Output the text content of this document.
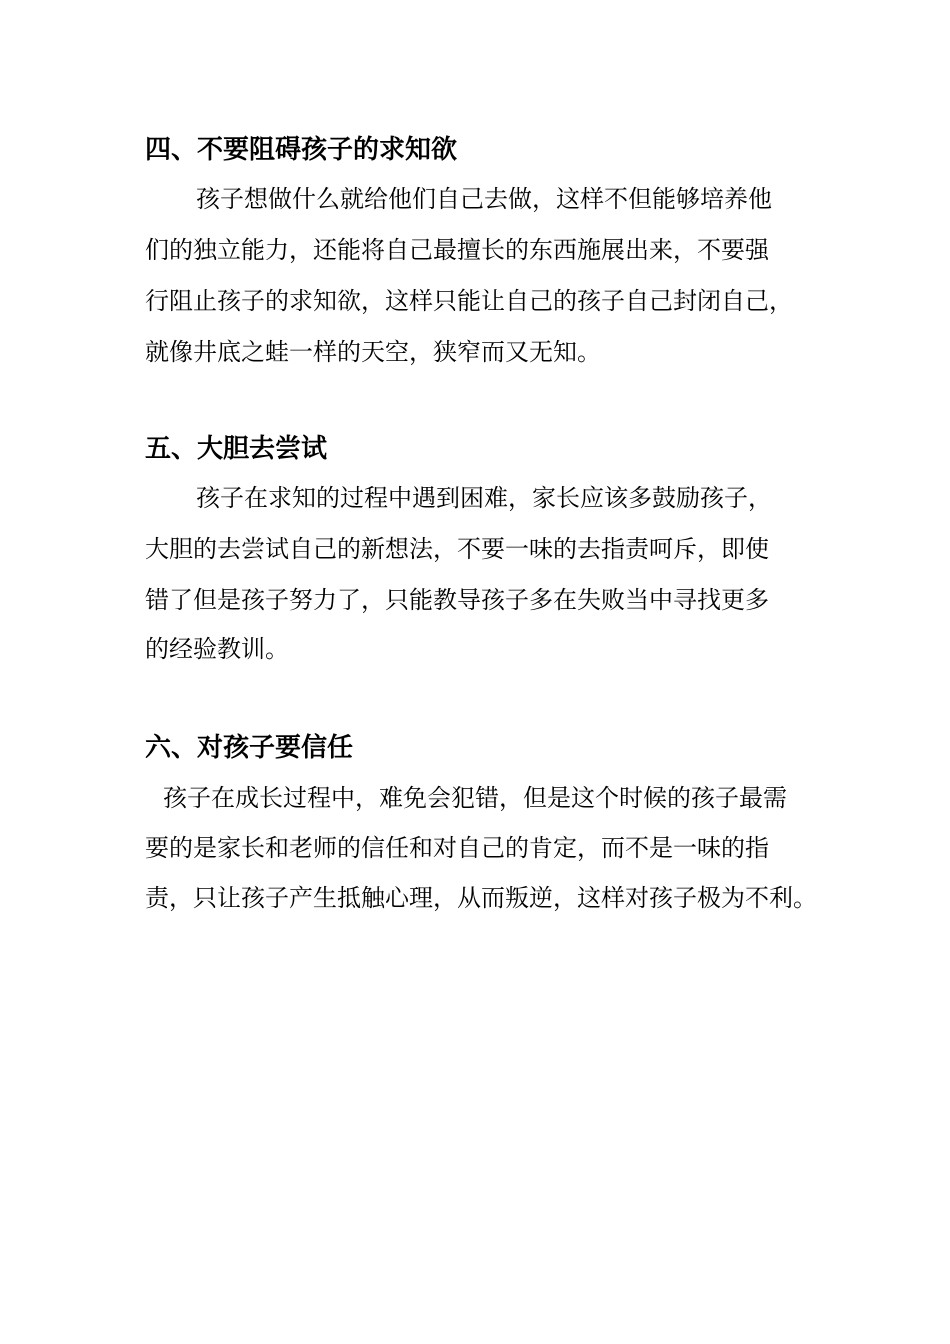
四、不要阻碍孩子的求知欲

孩子想做什么就给他们自己去做，这样不但能够培养他

们的独立能力，还能将自己最擅长的东西施展出来，不要强

行阻止孩子的求知欲，这样只能让自己的孩子自己封闭自己，

就像井底之蛙一样的天空，狭窄而又无知。

五、大胆去尝试

孩子在求知的过程中遇到困难，家长应该多鼓励孩子，

大胆的去尝试自己的新想法，不要一味的去指责呵斥，即使

错了但是孩子努力了，只能教导孩子多在失败当中寻找更多

的经验教训。

六、对孩子要信任

孩子在成长过程中，难免会犯错，但是这个时候的孩子最需

要的是家长和老师的信任和对自己的肯定，而不是一味的指

责，只让孩子产生抵触心理，从而叛逆，这样对孩子极为不利。
